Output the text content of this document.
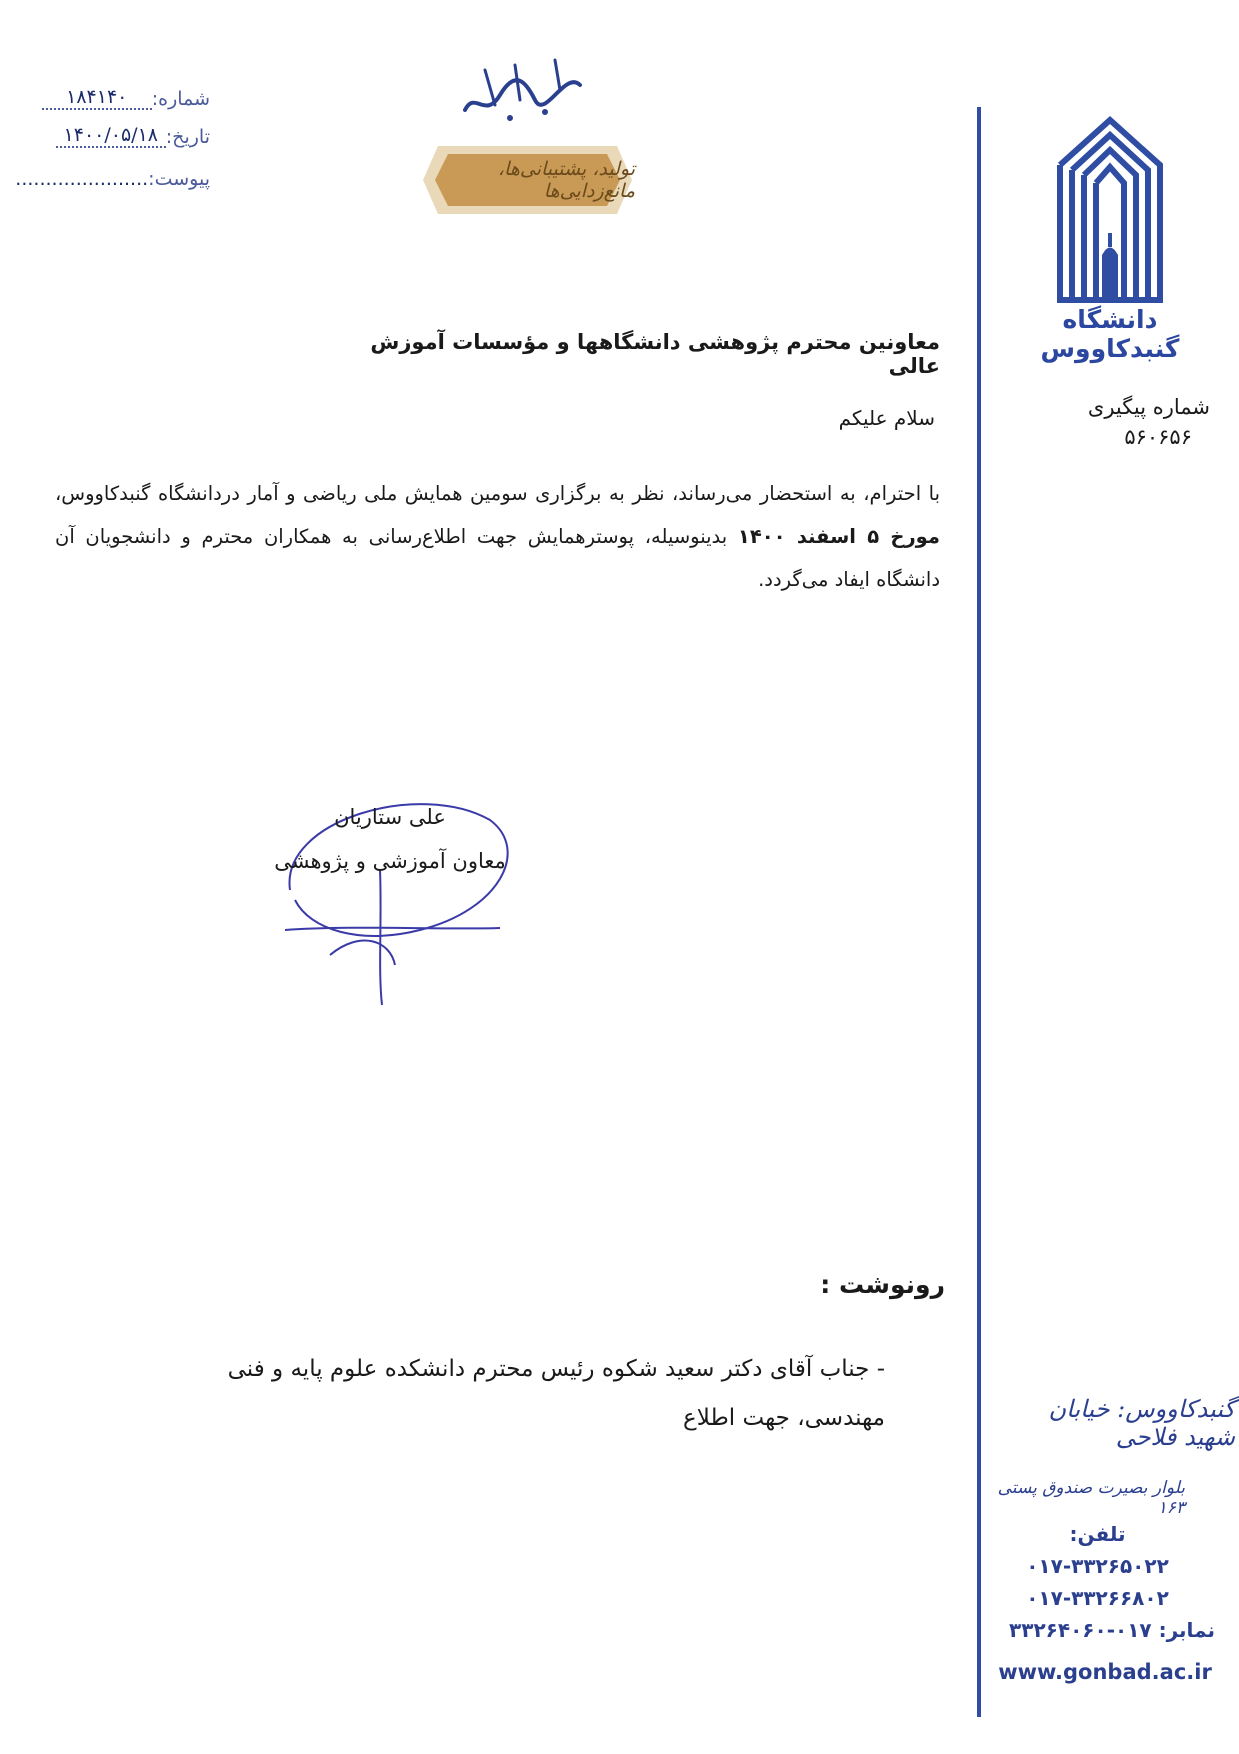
شماره:
۱۸۴۱۴۰
تاریخ:
۱۴۰۰/۰۵/۱۸
پیوست:
......................	تولید، پشتیبانی‌ها، مانع‌زدایی‌ها
دانشگاه گنبدکاووس
شماره پیگیری
۵۶۰۶۵۶
گنبدکاووس: خیابان شهید فلاحی
بلوار بصیرت صندوق پستی ۱۶۳
تلفن:
۰۱۷-۳۳۲۶۵۰۲۲
۰۱۷-۳۳۲۶۶۸۰۲
نمابر: ۰۱۷-۳۳۲۶۴۰۶۰
www.gonbad.ac.ir
معاونین محترم پژوهشی دانشگاهها و مؤسسات آموزش عالی
سلام علیکم
با احترام، به استحضار می‌رساند، نظر به برگزاری سومین همایش ملی ریاضی و آمار دردانشگاه گنبدکاووس، مورخ ۵ اسفند ۱۴۰۰ بدینوسیله، پوسترهمایش جهت اطلاع‌رسانی به همکاران محترم و دانشجویان آن دانشگاه ایفاد می‌گردد.
علی ستاریان
معاون آموزشی و پژوهشی
رونوشت :
- جناب آقای دکتر سعید شکوه رئیس محترم دانشکده علوم پایه و فنی مهندسی، جهت اطلاع
